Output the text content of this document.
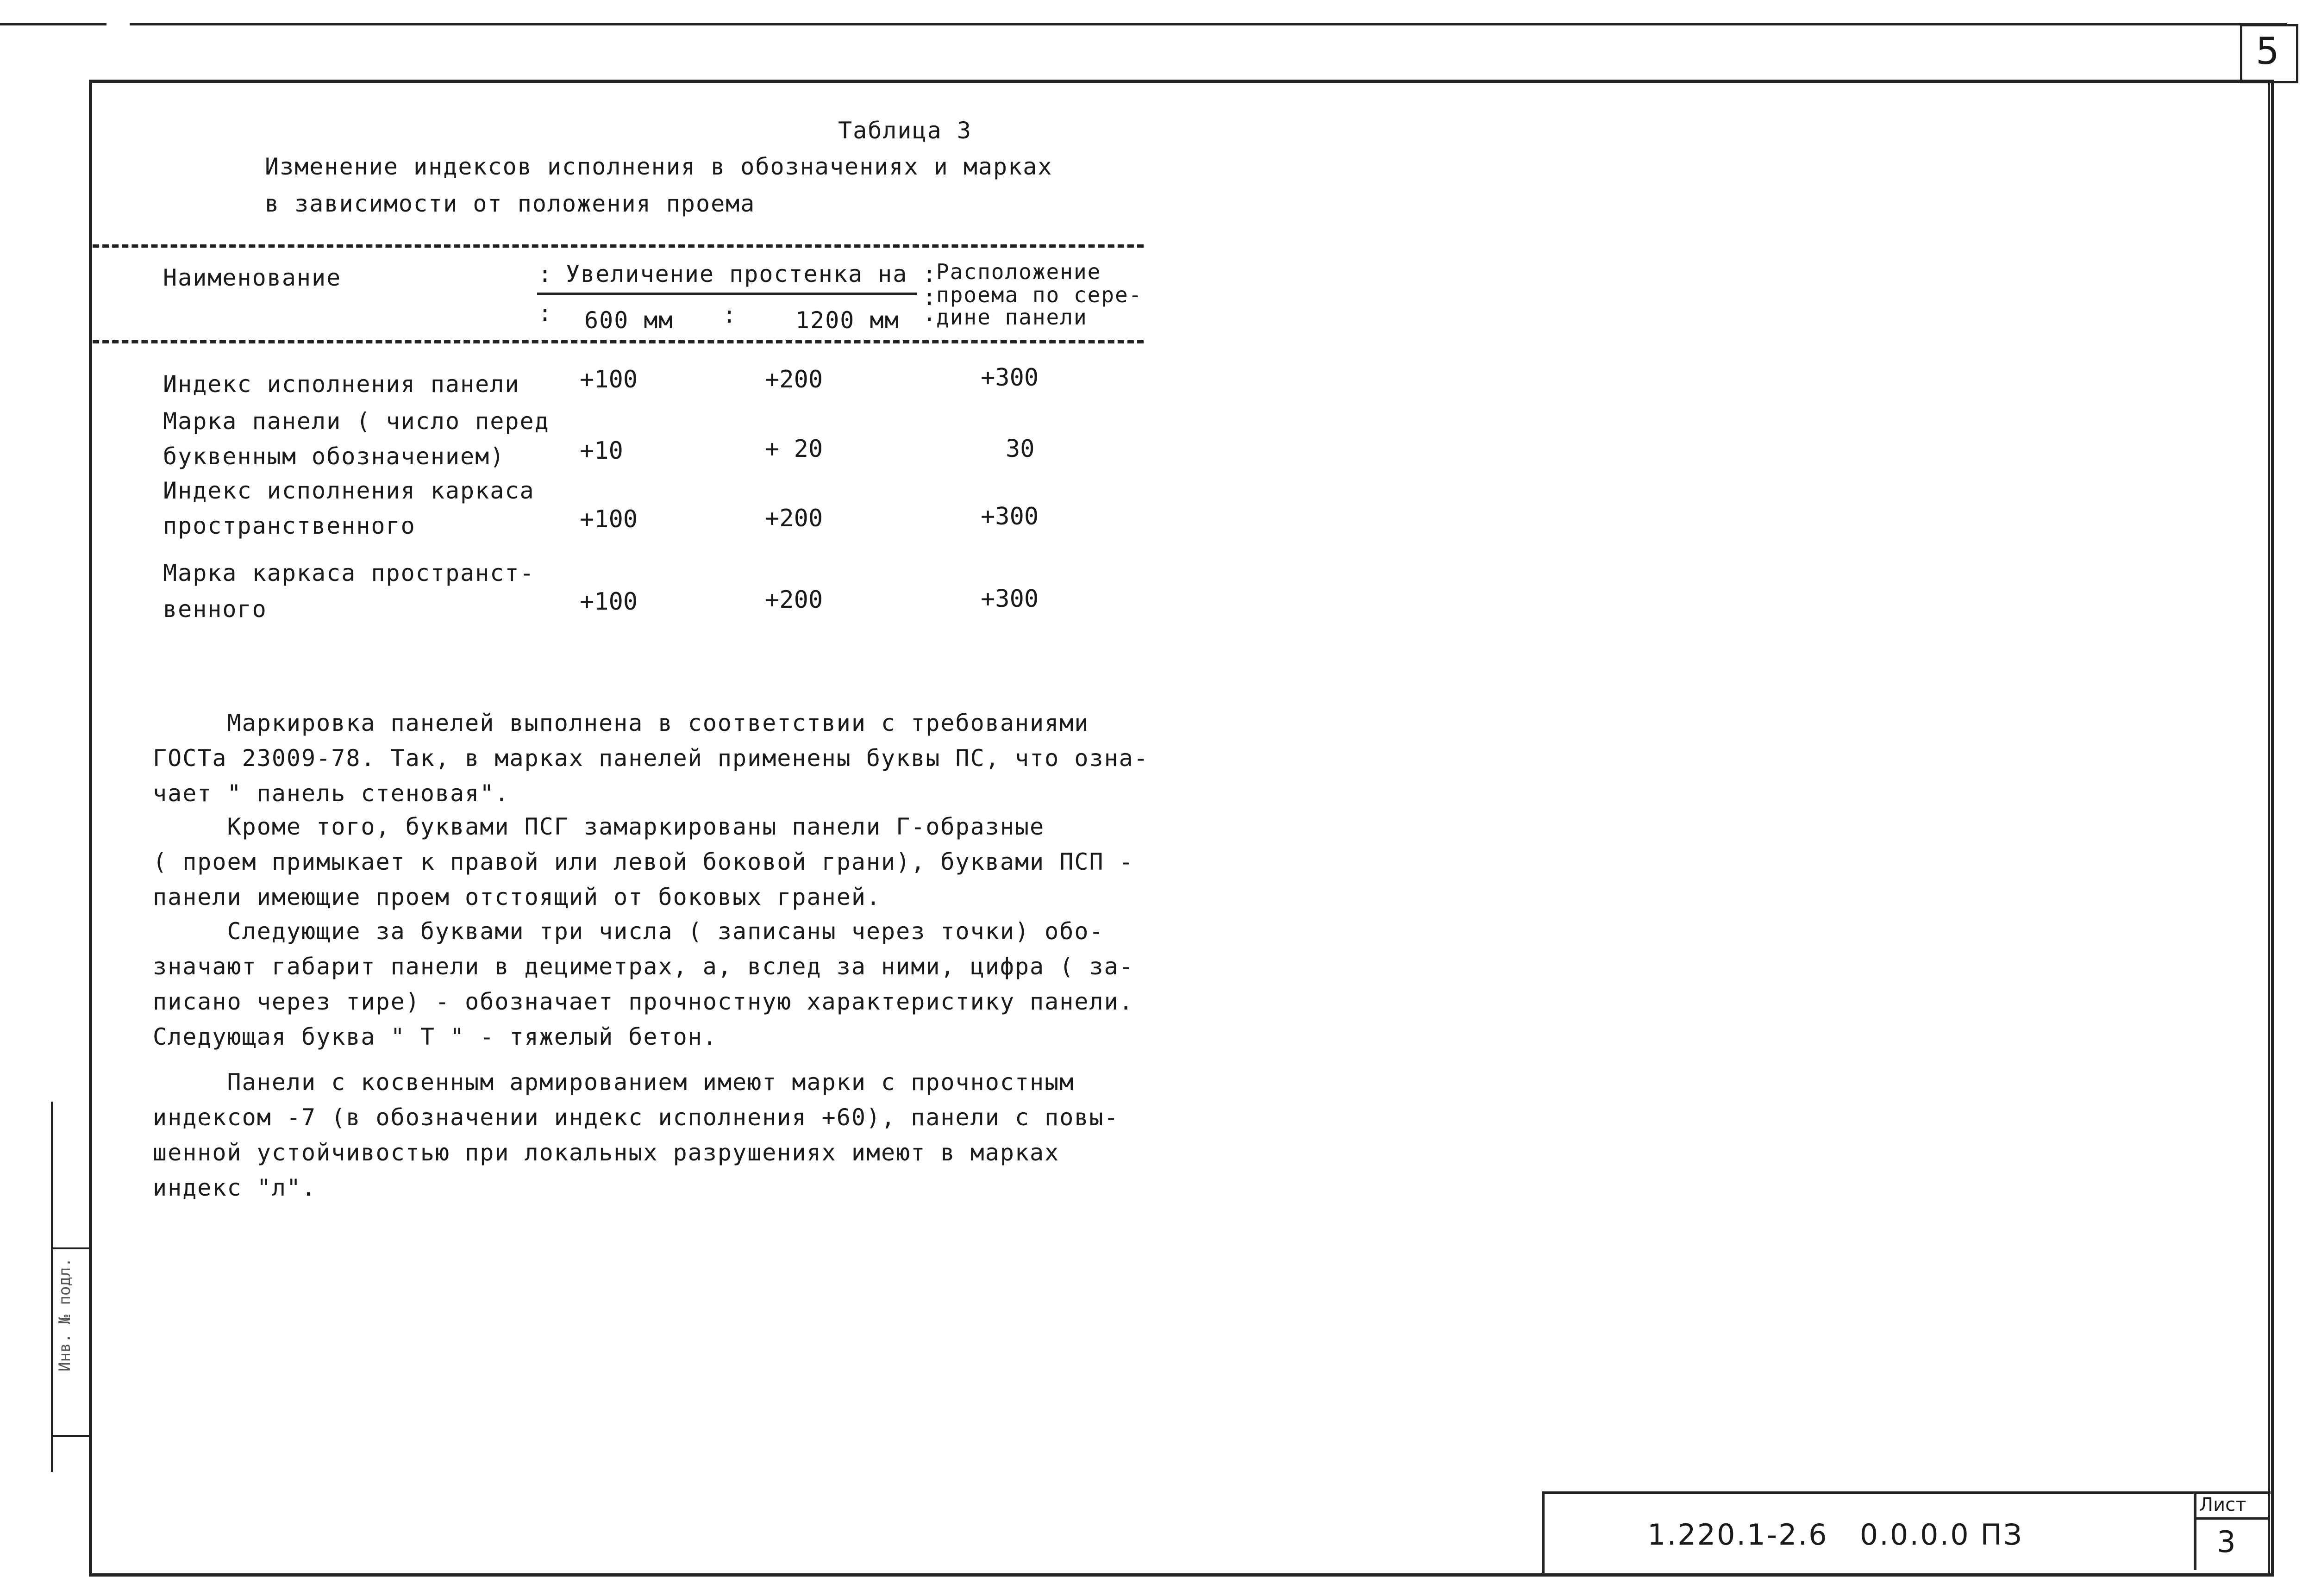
5
Инв. № подл.
Таблица 3
Изменение индексов исполнения в обозначениях и марках
в зависимости от положения проема
Наименование	: Увеличение простенка на
: 600 мм :	1200 мм
:
Расположение
:
проема по сере-
·
дине панели
Индекс исполнения панели +100	+200	+300
Марка панели ( число перед
буквенным обозначением)	+10	+ 20	30
Индекс исполнения каркаса
пространственного	+100	+200	+300
Марка каркаса пространст-
венного	+100	+200	+300
Маркировка панелей выполнена в соответствии с требованиями
ГОСТа 23009-78. Так, в марках панелей применены буквы ПС, что озна-
чает " панель стеновая".
Кроме того, буквами ПСГ замаркированы панели Г-образные
( проем примыкает к правой или левой боковой грани), буквами ПСП -
панели имеющие проем отстоящий от боковых граней.
Следующие за буквами три числа ( записаны через точки) обо-
значают габарит панели в дециметрах, а, вслед за ними, цифра ( за-
писано через тире) - обозначает прочностную характеристику панели.
Следующая буква " Т " - тяжелый бетон.
Панели с косвенным армированием имеют марки с прочностным
индексом -7 (в обозначении индекс исполнения +60), панели с повы-
шенной устойчивостью при локальных разрушениях имеют в марках
индекс "л".
1.220.1-2.6   0.0.0.0 ПЗ
Лист
3
